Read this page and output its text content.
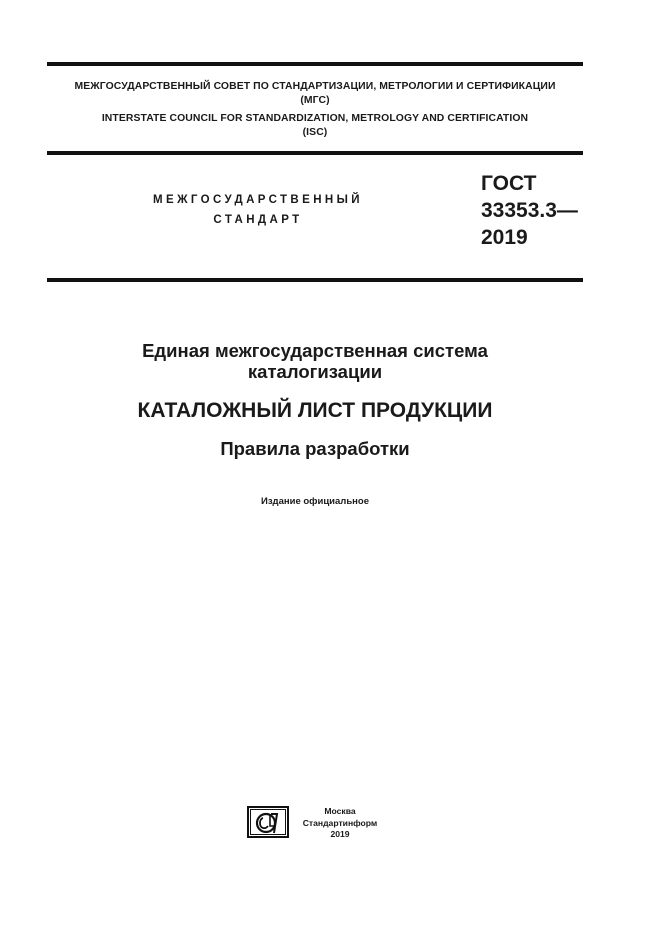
МЕЖГОСУДАРСТВЕННЫЙ СОВЕТ ПО СТАНДАРТИЗАЦИИ, МЕТРОЛОГИИ И СЕРТИФИКАЦИИ
(МГС)
INTERSTATE COUNCIL FOR STANDARDIZATION, METROLOGY AND CERTIFICATION
(ISC)
МЕЖГОСУДАРСТВЕННЫЙ
СТАНДАРТ
ГОСТ
33353.3—
2019
Единая межгосударственная система
каталогизации
КАТАЛОЖНЫЙ ЛИСТ ПРОДУКЦИИ
Правила разработки
Издание официальное
Москва
Стандартинформ
2019
